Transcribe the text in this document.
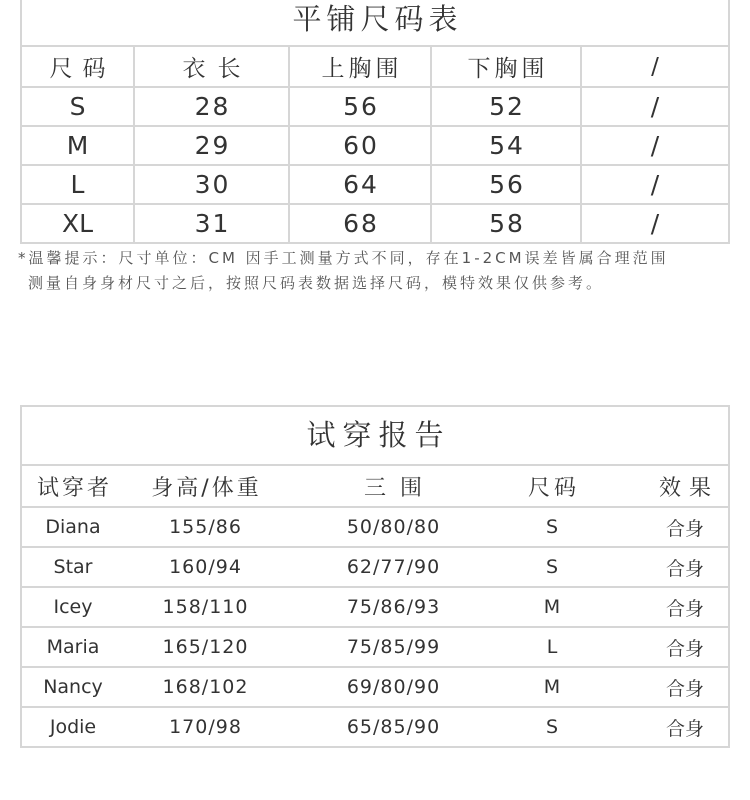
平铺尺码表
尺码	衣长	上胸围	下胸围	/
S	28	56	52	/
M	29	60	54	/
L	30	64	56	/
XL	31	68	58	/
*温馨提示：尺寸单位：CM 因手工测量方式不同，存在1-2CM误差皆属合理范围
测量自身身材尺寸之后，按照尺码表数据选择尺码，模特效果仅供参考。
试穿报告
试穿者	身高/体重	三围	尺码	效果
Diana	155/86	50/80/80	S	合身
Star	160/94	62/77/90	S	合身
Icey	158/110	75/86/93	M	合身
Maria	165/120	75/85/99	L	合身
Nancy	168/102	69/80/90	M	合身
Jodie	170/98	65/85/90	S	合身
